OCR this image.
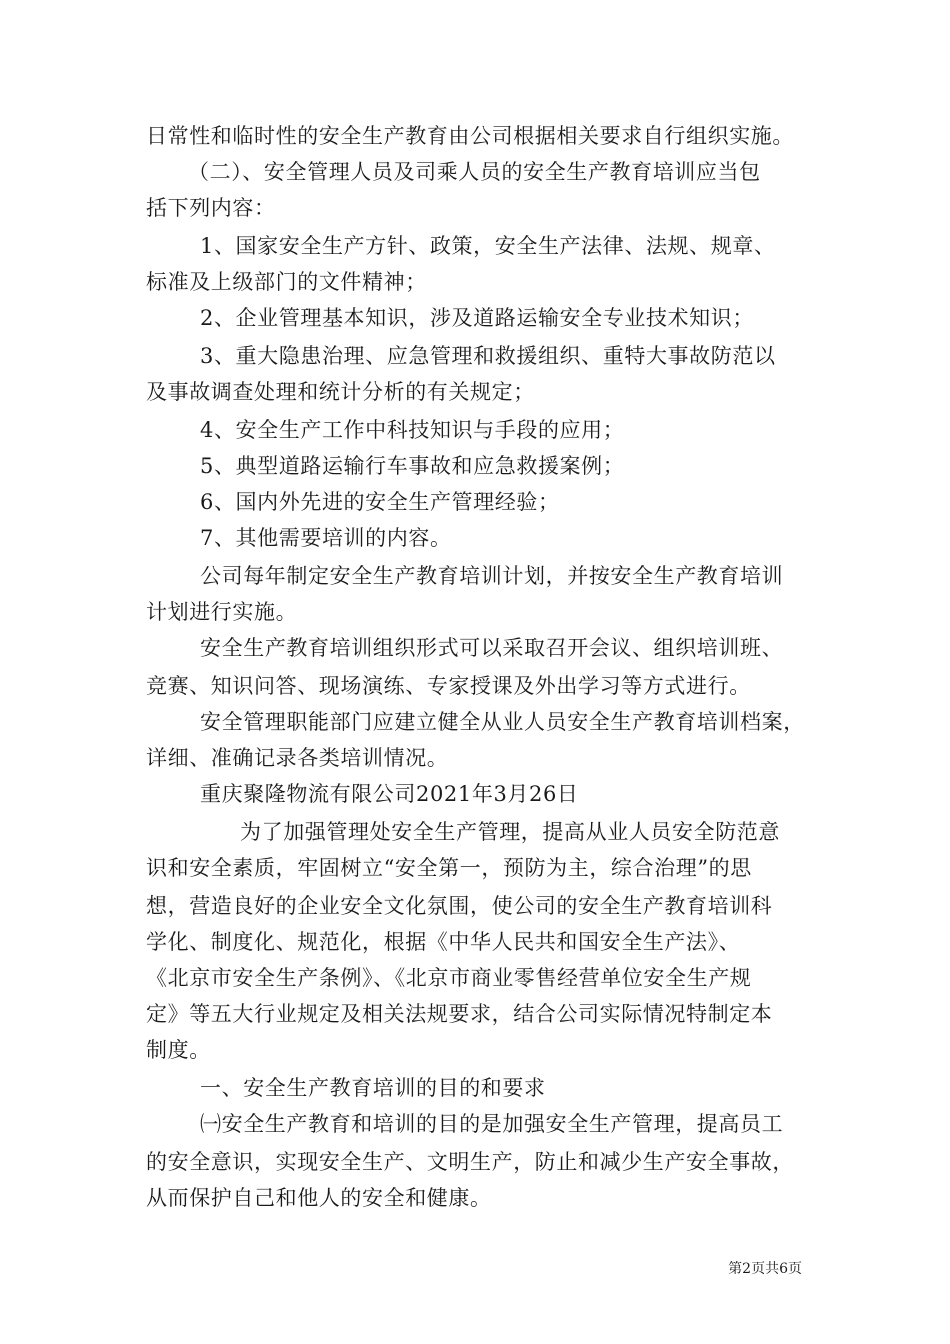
日常性和临时性的安全生产教育由公司根据相关要求自行组织实施。
（二）、安全管理人员及司乘人员的安全生产教育培训应当包
括下列内容：
1、国家安全生产方针、政策，安全生产法律、法规、规章、
标准及上级部门的文件精神；
2、企业管理基本知识，涉及道路运输安全专业技术知识；
3、重大隐患治理、应急管理和救援组织、重特大事故防范以
及事故调查处理和统计分析的有关规定；
4、安全生产工作中科技知识与手段的应用；
5、典型道路运输行车事故和应急救援案例；
6、国内外先进的安全生产管理经验；
7、其他需要培训的内容。
公司每年制定安全生产教育培训计划，并按安全生产教育培训
计划进行实施。
安全生产教育培训组织形式可以采取召开会议、组织培训班、
竞赛、知识问答、现场演练、专家授课及外出学习等方式进行。
安全管理职能部门应建立健全从业人员安全生产教育培训档案，
详细、准确记录各类培训情况。
重庆聚隆物流有限公司2021年3月26日
为了加强管理处安全生产管理，提高从业人员安全防范意
识和安全素质，牢固树立“安全第一，预防为主，综合治理”的思
想，营造良好的企业安全文化氛围，使公司的安全生产教育培训科
学化、制度化、规范化，根据《中华人民共和国安全生产法》、
《北京市安全生产条例》、《北京市商业零售经营单位安全生产规
定》等五大行业规定及相关法规要求，结合公司实际情况特制定本
制度。
一、安全生产教育培训的目的和要求
㈠安全生产教育和培训的目的是加强安全生产管理，提高员工
的安全意识，实现安全生产、文明生产，防止和减少生产安全事故，
从而保护自己和他人的安全和健康。
第2页共6页
